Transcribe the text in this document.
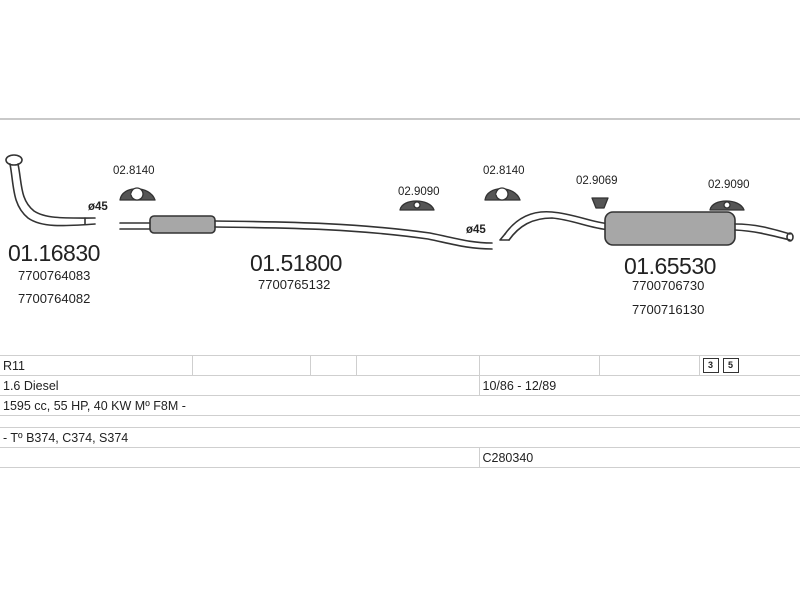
46	46
02.8140
02.9090
02.8140
02.9069	02.9090
ø45
ø45
01.16830
7700764083
7700764082
01.51800
7700765132
01.65530
7700706730
7700716130
R11						3 5
1.6 Diesel				10/86 - 12/89		
1595 cc, 55 HP, 40 KW Mº F8M -						

- Tº B374, C374, S374						
				C280340		
